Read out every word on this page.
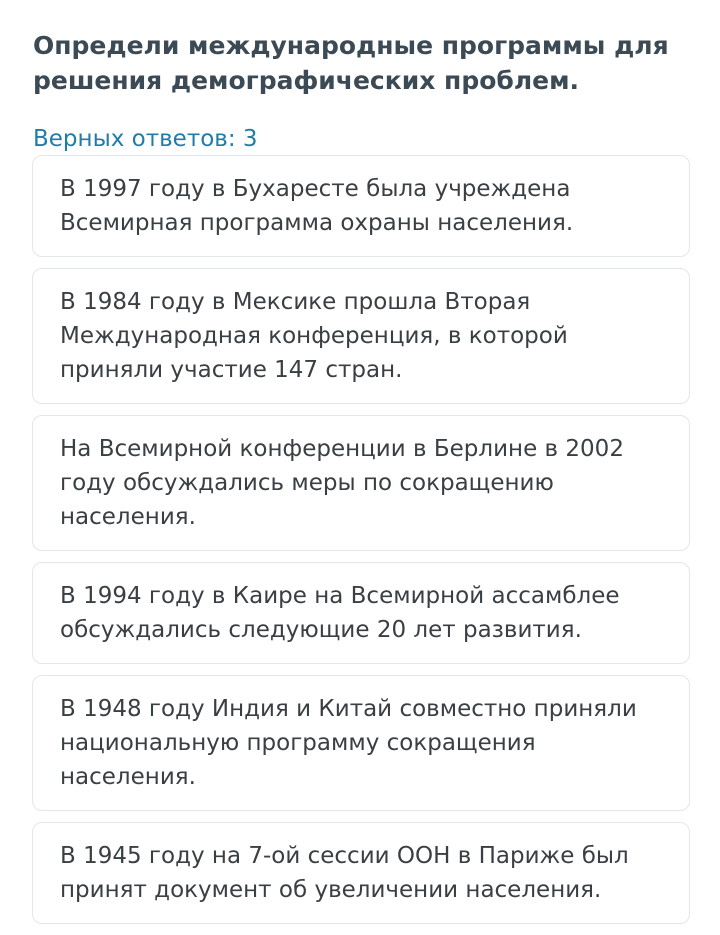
Определи международные программы для решения демографических проблем.

Верных ответов: 3

В 1997 году в Бухаресте была учреждена Всемирная программа охраны населения.
В 1984 году в Мексике прошла Вторая Международная конференция, в которой приняли участие 147 стран.
На Всемирной конференции в Берлине в 2002 году обсуждались меры по сокращению населения.
В 1994 году в Каире на Всемирной ассамблее обсуждались следующие 20 лет развития.
В 1948 году Индия и Китай совместно приняли национальную программу сокращения населения.
В 1945 году на 7-ой сессии ООН в Париже был принят документ об увеличении населения.
